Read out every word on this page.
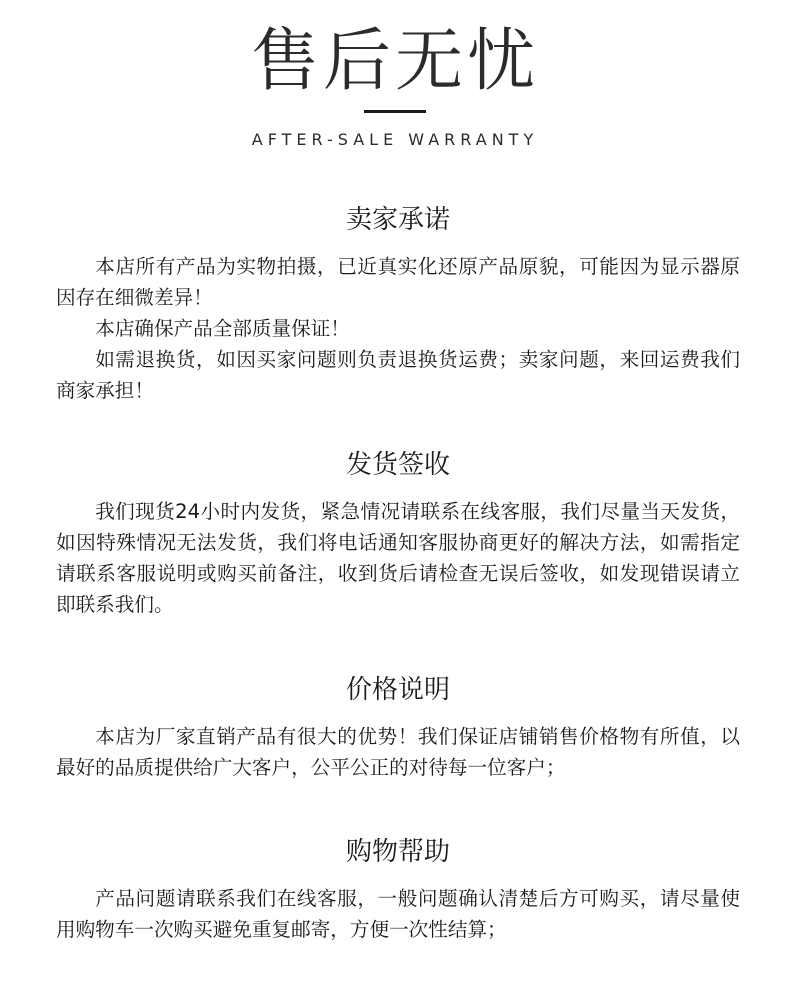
售后无忧
AFTER-SALE WARRANTY
卖家承诺

本店所有产品为实物拍摄，已近真实化还原产品原貌，可能因为显示器原因存在细微差异！

本店确保产品全部质量保证！

如需退换货，如因买家问题则负责退换货运费；卖家问题，来回运费我们商家承担！

发货签收

我们现货24小时内发货，紧急情况请联系在线客服，我们尽量当天发货，如因特殊情况无法发货，我们将电话通知客服协商更好的解决方法，如需指定请联系客服说明或购买前备注，收到货后请检查无误后签收，如发现错误请立即联系我们。

价格说明

本店为厂家直销产品有很大的优势！我们保证店铺销售价格物有所值，以最好的品质提供给广大客户，公平公正的对待每一位客户；

购物帮助

产品问题请联系我们在线客服，一般问题确认清楚后方可购买，请尽量使用购物车一次购买避免重复邮寄，方便一次性结算；
